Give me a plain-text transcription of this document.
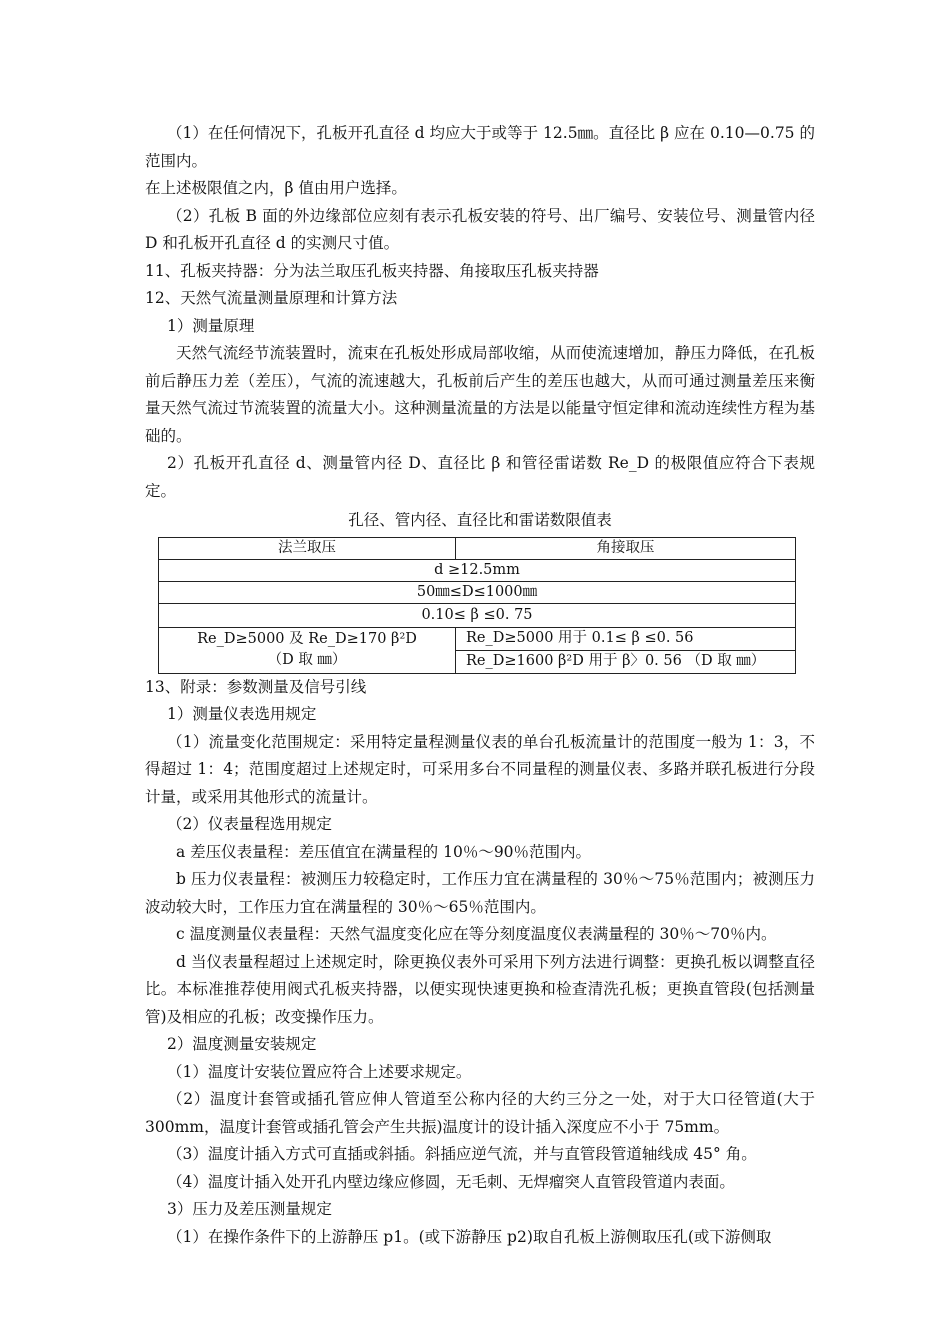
（1）在任何情况下，孔板开孔直径 d 均应大于或等于 12.5㎜。直径比 β 应在 0.10—0.75 的范围内。

在上述极限值之内，β 值由用户选择。

（2）孔板 B 面的外边缘部位应刻有表示孔板安装的符号、出厂编号、安装位号、测量管内径 D 和孔板开孔直径 d 的实测尺寸值。

11、孔板夹持器：分为法兰取压孔板夹持器、角接取压孔板夹持器

12、天然气流量测量原理和计算方法

1）测量原理

天然气流经节流装置时，流束在孔板处形成局部收缩，从而使流速增加，静压力降低，在孔板前后静压力差（差压），气流的流速越大，孔板前后产生的差压也越大，从而可通过测量差压来衡量天然气流过节流装置的流量大小。这种测量流量的方法是以能量守恒定律和流动连续性方程为基础的。

2）孔板开孔直径 d、测量管内径 D、直径比 β 和管径雷诺数 Re_D 的极限值应符合下表规定。

孔径、管内径、直径比和雷诺数限值表
法兰取压	角接取压
d ≥12.5mm	
50㎜≤D≤1000㎜	
0.10≤ β ≤0. 75	

Re_D≥5000 及 Re_D≥170 β²D
（D 取 ㎜）	Re_D≥5000 用于 0.1≤ β ≤0. 56
	Re_D≥1600 β²D 用于 β〉0. 56 （D 取 ㎜）

13、附录：参数测量及信号引线

1）测量仪表选用规定

（1）流量变化范围规定：采用特定量程测量仪表的单台孔板流量计的范围度一般为 1：3，不得超过 1：4；范围度超过上述规定时，可采用多台不同量程的测量仪表、多路并联孔板进行分段计量，或采用其他形式的流量计。

（2）仪表量程选用规定

a 差压仪表量程：差压值宜在满量程的 10％～90％范围内。

b 压力仪表量程：被测压力较稳定时，工作压力宜在满量程的 30％～75％范围内；被测压力波动较大时，工作压力宜在满量程的 30％～65％范围内。

c 温度测量仪表量程：天然气温度变化应在等分刻度温度仪表满量程的 30％～70％内。

d 当仪表量程超过上述规定时，除更换仪表外可采用下列方法进行调整：更换孔板以调整直径比。本标准推荐使用阀式孔板夹持器，以便实现快速更换和检查清洗孔板；更换直管段(包括测量管)及相应的孔板；改变操作压力。

2）温度测量安装规定

（1）温度计安装位置应符合上述要求规定。

（2）温度计套管或插孔管应伸人管道至公称内径的大约三分之一处，对于大口径管道(大于 300mm，温度计套管或插孔管会产生共振)温度计的设计插入深度应不小于 75mm。

（3）温度计插入方式可直插或斜插。斜插应逆气流，并与直管段管道轴线成 45° 角。

（4）温度计插入处开孔内壁边缘应修圆，无毛刺、无焊瘤突人直管段管道内表面。

3）压力及差压测量规定

（1）在操作条件下的上游静压 p1。(或下游静压 p2)取自孔板上游侧取压孔(或下游侧取
